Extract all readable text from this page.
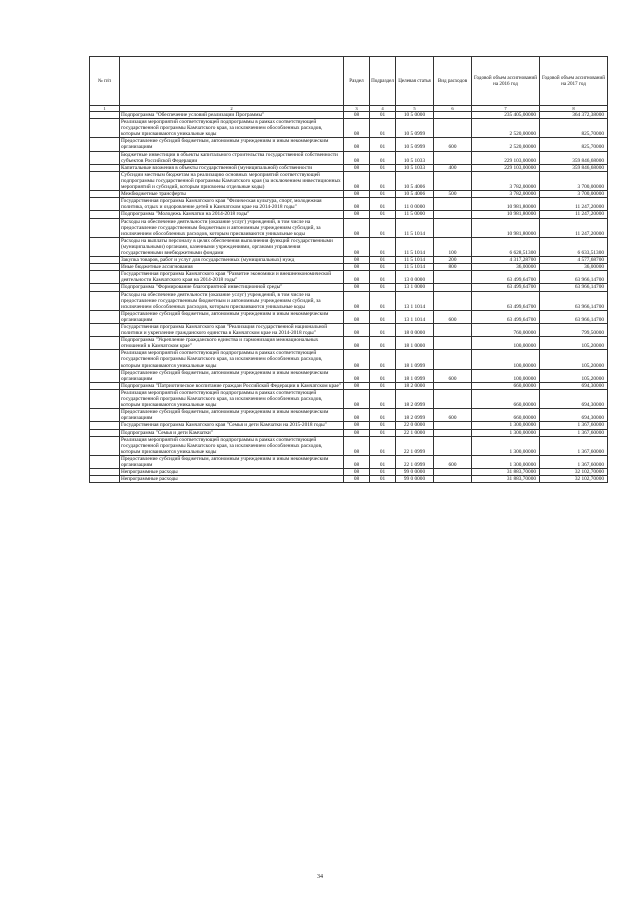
№ п/п		Раздел	Подраздел	Целевая статья	Вид расходов	Годовой объем ассигнований на 2016 год	Годовой объем ассигнований на 2017 год
1	2	3	4	5	6	7	8
	Подпрограмма "Обеспечение условий реализации Программы"	08	01	10 5 0000		235 405,00000	364 372,38000
	Реализация мероприятий соответствующей подпрограммы в рамках соответствующей государственной программы Камчатского края, за исключением обособленных расходов, которым присваиваются уникальные коды	08	01	10 5 0999		2 520,00000	825,70000
	Предоставление субсидий бюджетным, автономным учреждениям и иным некоммерческим организациям	08	01	10 5 0999	600	2 520,00000	825,70000
	Бюджетные инвестиции в объекты капитального строительства государственной собственности субъектов Российской Федерации	08	01	10 5 1033		229 103,00000	359 846,68000
	Капитальные вложения в объекты государственной (муниципальной) собственности	08	01	10 5 1033	400	229 103,00000	359 846,68000
	Субсидии местным бюджетам на реализацию основных мероприятий соответствующей подпрограммы государственной программы Камчатского края (за исключением инвестиционных мероприятий и субсидий, которым присвоены отдельные коды)	08	01	10 5 4006		3 782,00000	3 700,00000
	Межбюджетные трансферты	08	01	10 5 4006	500	3 782,00000	3 700,00000
	Государственная программа Камчатского края "Физическая культура, спорт, молодежная политика, отдых и оздоровление детей в Камчатском крае на 2014-2018 годы"	08	01	11 0 0000		10 981,80000	11 247,20000
	Подпрограмма "Молодежь Камчатки на 2014-2018 годы"	08	01	11 5 0000		10 981,80000	11 247,20000
	Расходы на обеспечение деятельности (оказание услуг) учреждений, в том числе на предоставление государственным бюджетным и автономным учреждениям субсидий, за исключением обособленных расходов, которым присваиваются уникальные коды	08	01	11 5 1014		10 981,80000	11 247,20000
	Расходы на выплаты персоналу в целях обеспечения выполнения функций государственными (муниципальными) органами, казенными учреждениями, органами управления государственными внебюджетными фондами	08	01	11 5 1014	100	6 628,51300	6 633,51300
	Закупка товаров, работ и услуг для государственных (муниципальных) нужд	08	01	11 5 1014	200	4 317,28700	4 577,68700
	Иные бюджетные ассигнования	08	01	11 5 1014	800	36,00000	36,00000
	Государственная программа Камчатского края "Развитие экономики и внешнеэкономической деятельности Камчатского края на 2014-2018 годы"	08	01	13 0 0000		63 499,64700	63 966,14700
	Подпрограмма "Формирование благоприятной инвестиционной среды"	08	01	13 1 0000		63 499,64700	63 966,14700
	Расходы на обеспечение деятельности (оказание услуг) учреждений, в том числе на предоставление государственным бюджетным и автономным учреждениям субсидий, за исключением обособленных расходов, которым присваиваются уникальные коды	08	01	13 1 1014		63 499,64700	63 966,14700
	Предоставление субсидий бюджетным, автономным учреждениям и иным некоммерческим организациям	08	01	13 1 1014	600	63 499,64700	63 966,14700
	Государственная программа Камчатского края "Реализация государственной национальной политики и укрепление гражданского единства в Камчатском крае на 2014-2018 годы"	08	01	18 0 0000		760,00000	799,50000
	Подпрограмма "Укрепление гражданского единства и гармонизация межнациональных отношений в Камчатском крае"	08	01	18 1 0000		100,00000	105,20000
	Реализация мероприятий соответствующей подпрограммы в рамках соответствующей государственной программы Камчатского края, за исключением обособленных расходов, которым присваиваются уникальные коды	08	01	18 1 0999		100,00000	105,20000
	Предоставление субсидий бюджетным, автономным учреждениям и иным некоммерческим организациям	08	01	18 1 0999	600	100,00000	105,20000
	Подпрограмма "Патриотическое воспитание граждан Российской Федерации в Камчатском крае"	08	01	18 2 0000		660,00000	694,30000
	Реализация мероприятий соответствующей подпрограммы в рамках соответствующей государственной программы Камчатского края, за исключением обособленных расходов, которым присваиваются уникальные коды	08	01	18 2 0999		660,00000	694,30000
	Предоставление субсидий бюджетным, автономным учреждениям и иным некоммерческим организациям	08	01	18 2 0999	600	660,00000	694,30000
	Государственная программа Камчатского края "Семья и дети Камчатки на 2015-2018 годы"	08	01	22 0 0000		1 300,00000	1 367,60000
	Подпрограмма "Семья и дети Камчатки"	08	01	22 1 0000		1 300,00000	1 367,60000
	Реализация мероприятий соответствующей подпрограммы в рамках соответствующей государственной программы Камчатского края, за исключением обособленных расходов, которым присваиваются уникальные коды	08	01	22 1 0999		1 300,00000	1 367,60000
	Предоставление субсидий бюджетным, автономным учреждениям и иным некоммерческим организациям	08	01	22 1 0999	600	1 300,00000	1 367,60000
	Непрограммные расходы	08	01	99 0 0000		31 883,70000	32 102,70000
	Непрограммные расходы	08	01	99 0 0000		31 883,70000	32 102,70000
34
